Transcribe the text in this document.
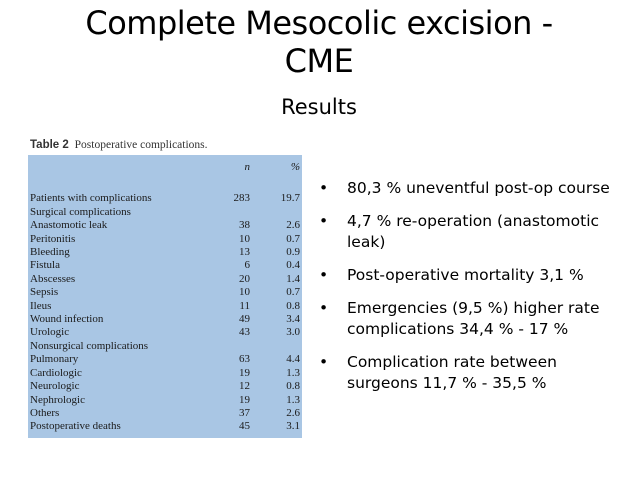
Complete Mesocolic excision -
CME
Results
Table 2 Postoperative complications.
	n	%

Patients with complications	283	19.7
Surgical complications		
Anastomotic leak	38	2.6
Peritonitis	10	0.7
Bleeding	13	0.9
Fistula	6	0.4
Abscesses	20	1.4
Sepsis	10	0.7
Ileus	11	0.8
Wound infection	49	3.4
Urologic	43	3.0
Nonsurgical complications		
Pulmonary	63	4.4
Cardiologic	19	1.3
Neurologic	12	0.8
Nephrologic	19	1.3
Others	37	2.6
Postoperative deaths	45	3.1
• 80,3 % uneventful post-op course
• 4,7 % re-operation (anastomotic leak)
• Post-operative mortality 3,1 %
• Emergencies (9,5 %) higher rate complications 34,4 % - 17 %
• Complication rate between surgeons 11,7 % - 35,5 %
